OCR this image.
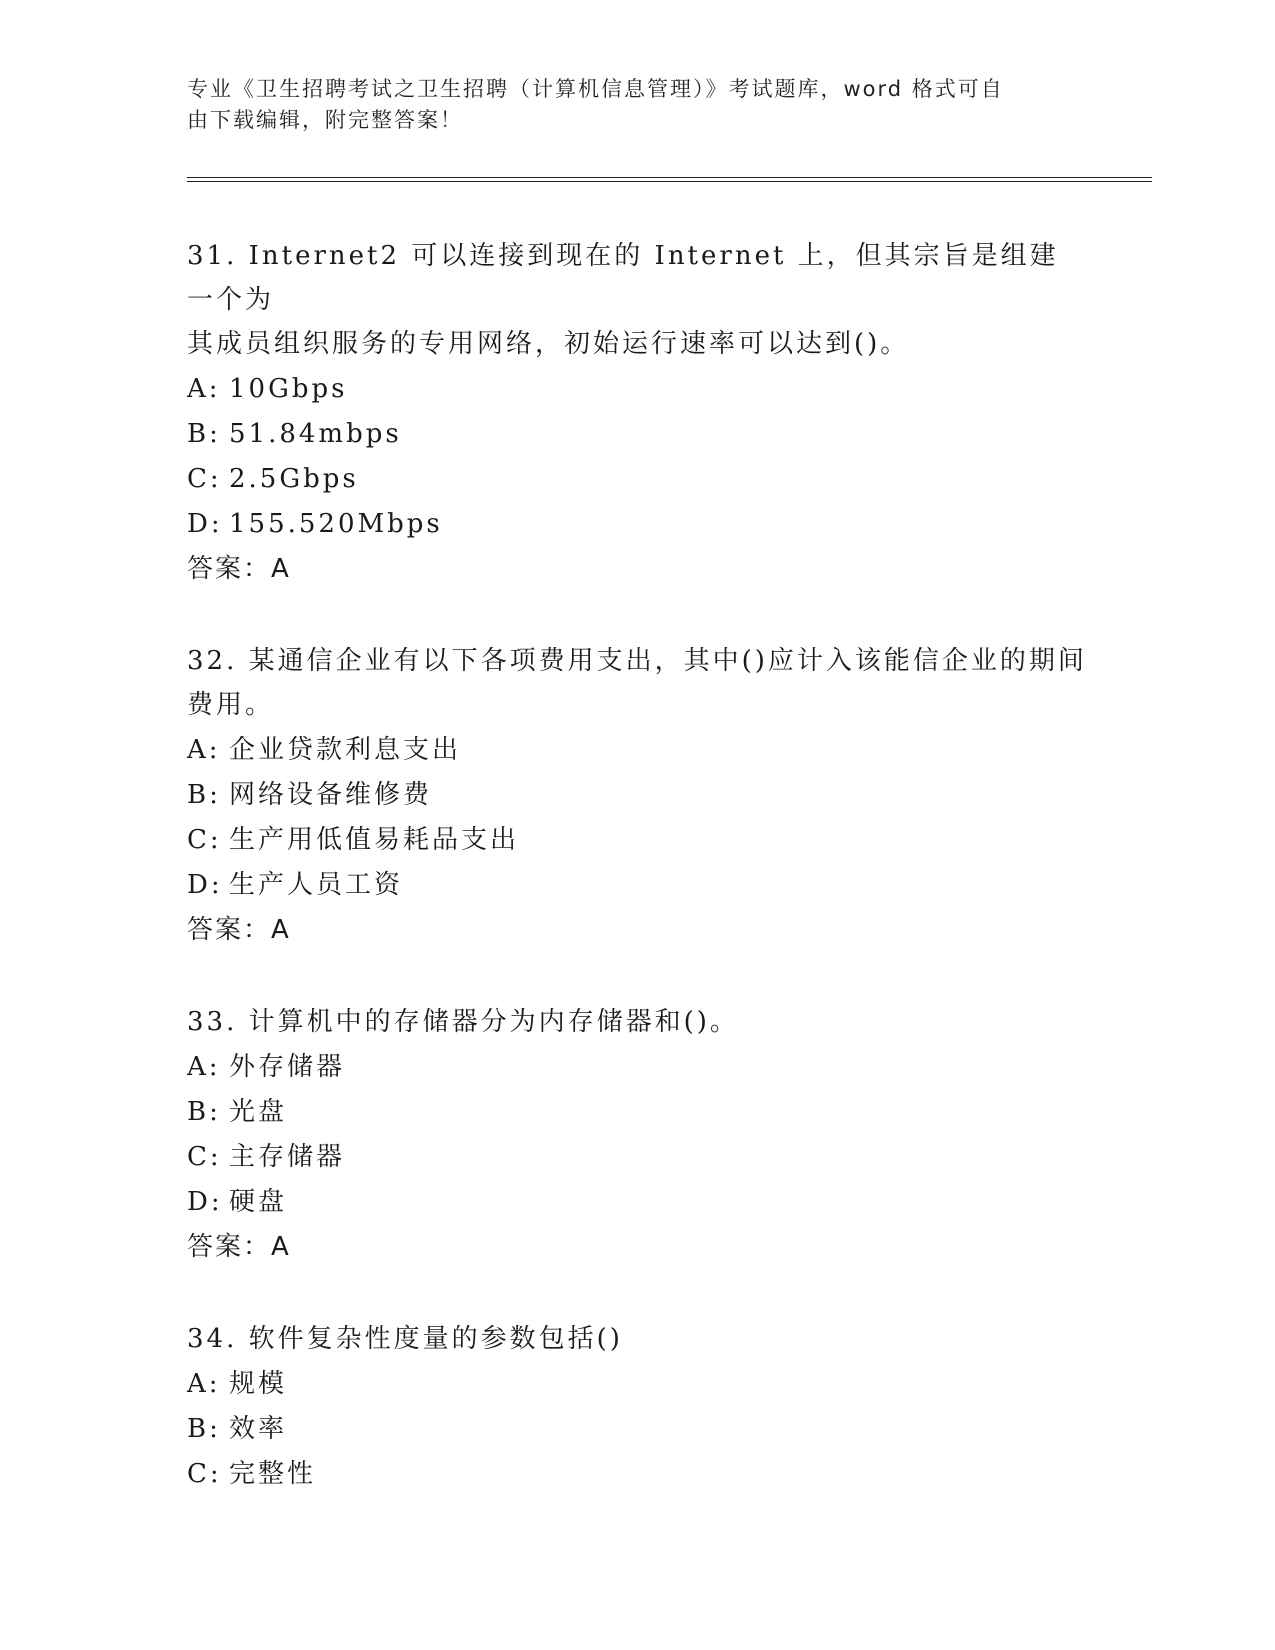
专业《卫生招聘考试之卫生招聘（计算机信息管理）》考试题库，word 格式可自
由下载编辑，附完整答案！
31. Internet2 可以连接到现在的 Internet 上，但其宗旨是组建一个为
其成员组织服务的专用网络，初始运行速率可以达到()。
A: 10Gbps
B: 51.84mbps
C: 2.5Gbps
D: 155.520Mbps
答案：A
32. 某通信企业有以下各项费用支出，其中()应计入该能信企业的期间
费用。
A: 企业贷款利息支出
B: 网络设备维修费
C: 生产用低值易耗品支出
D: 生产人员工资
答案：A
33. 计算机中的存储器分为内存储器和()。
A: 外存储器
B: 光盘
C: 主存储器
D: 硬盘
答案：A
34. 软件复杂性度量的参数包括()
A: 规模
B: 效率
C: 完整性
